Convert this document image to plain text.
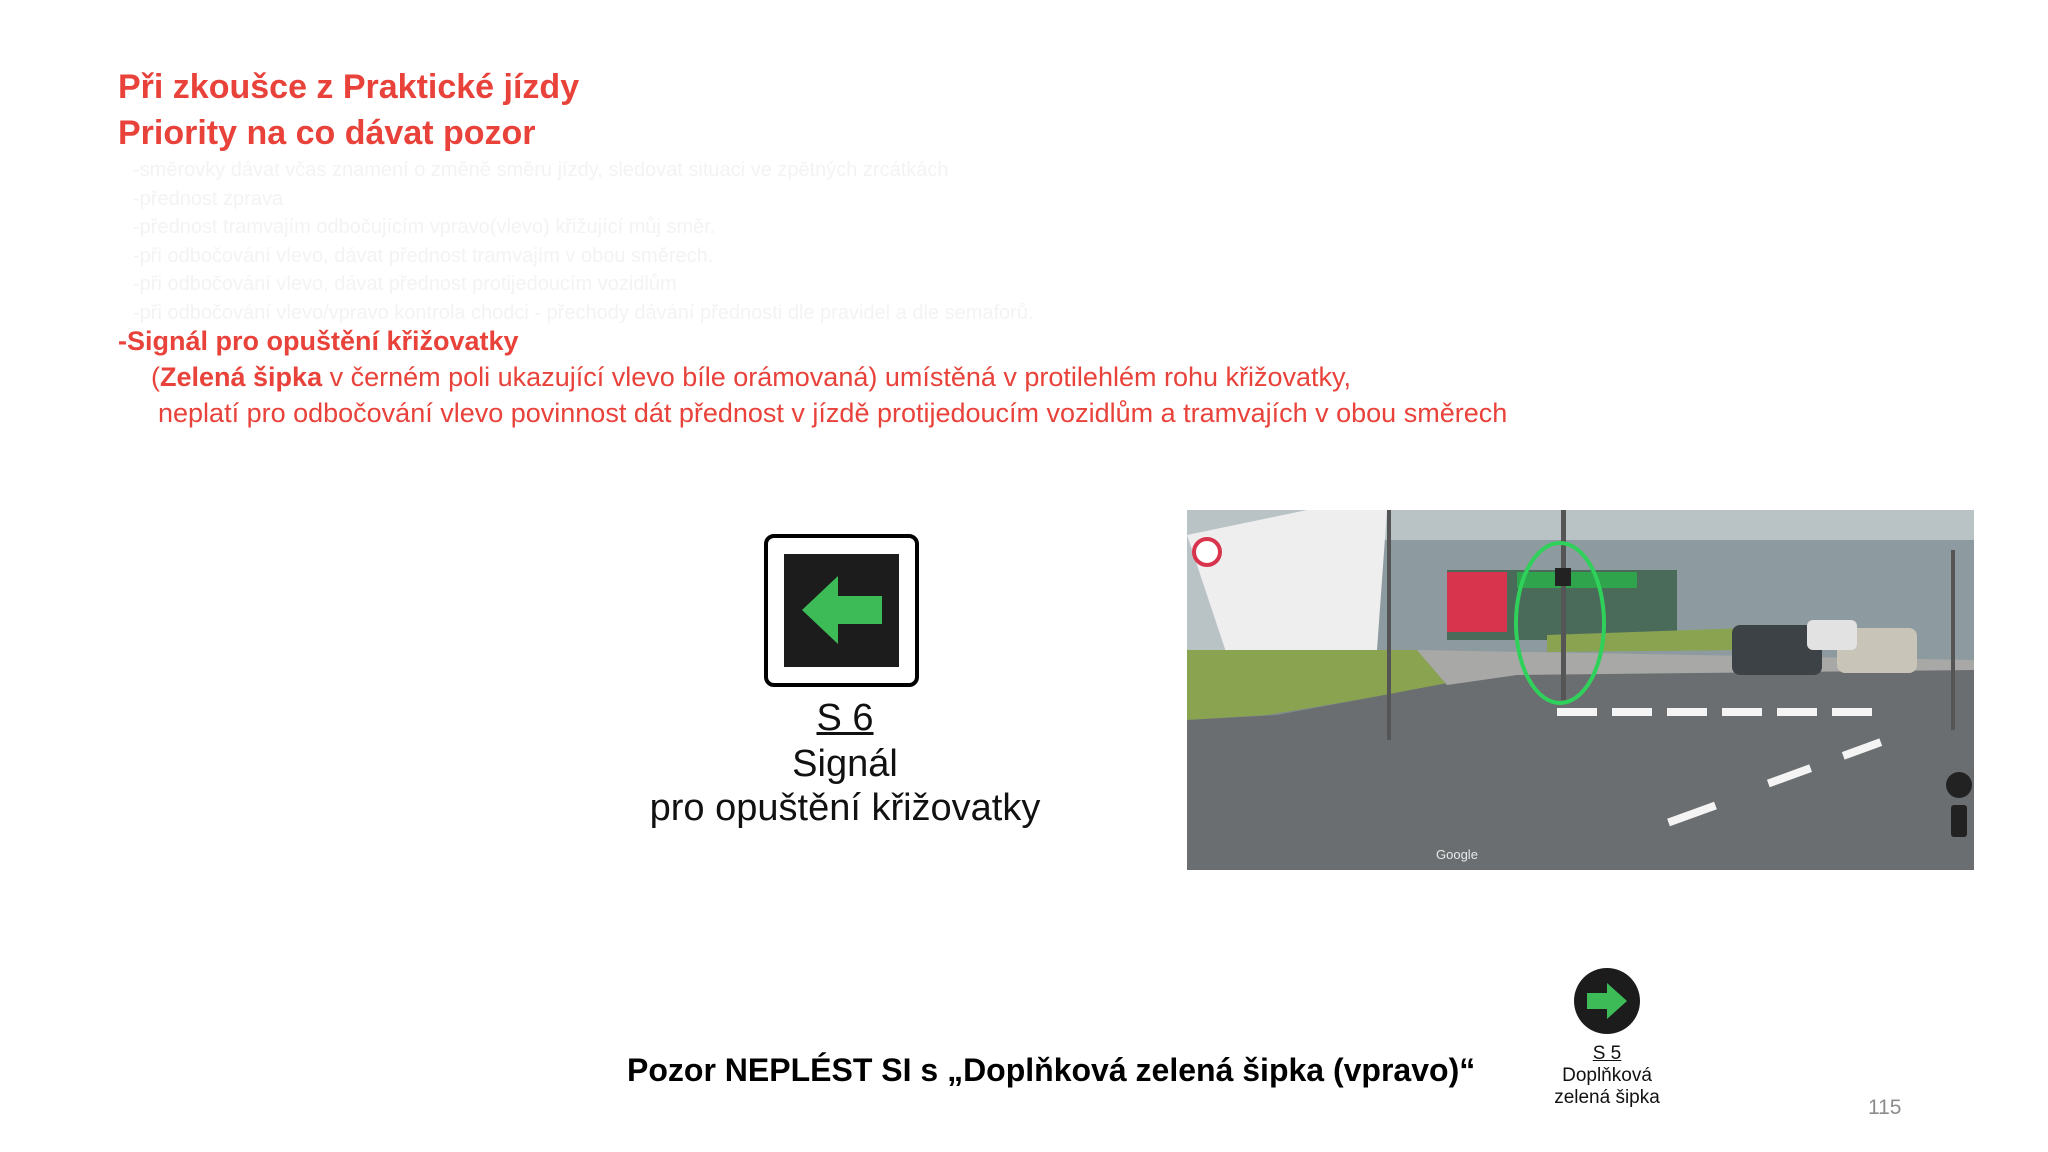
Při zkoušce z Praktické jízdy
Priority na co dávat pozor
-směrovky dávat včas znamení o změně směru jízdy, sledovat situaci ve zpětných zrcátkách
-přednost zprava
-přednost tramvajím odbočujícím vpravo(vlevo) křižující můj směr.
-při odbočování vlevo, dávat přednost tramvajím v obou směrech.
-při odbočování vlevo, dávat přednost protijedoucím vozidlům
-při odbočování vlevo/vpravo kontrola chodci - přechody dávání přednosti dle pravidel a dle semaforů.
-Signál pro opuštění křižovatky
(Zelená šipka v černém poli ukazující vlevo bíle orámovaná) umístěná v protilehlém rohu křižovatky,
neplatí pro odbočování vlevo povinnost dát přednost v jízdě protijedoucím vozidlům a tramvajích v obou směrech
S 6
Signál
pro opuštění křižovatky
Google
Pozor NEPLÉST SI s „Doplňková zelená šipka (vpravo)“	S 5
Doplňková
zelená šipka	115
